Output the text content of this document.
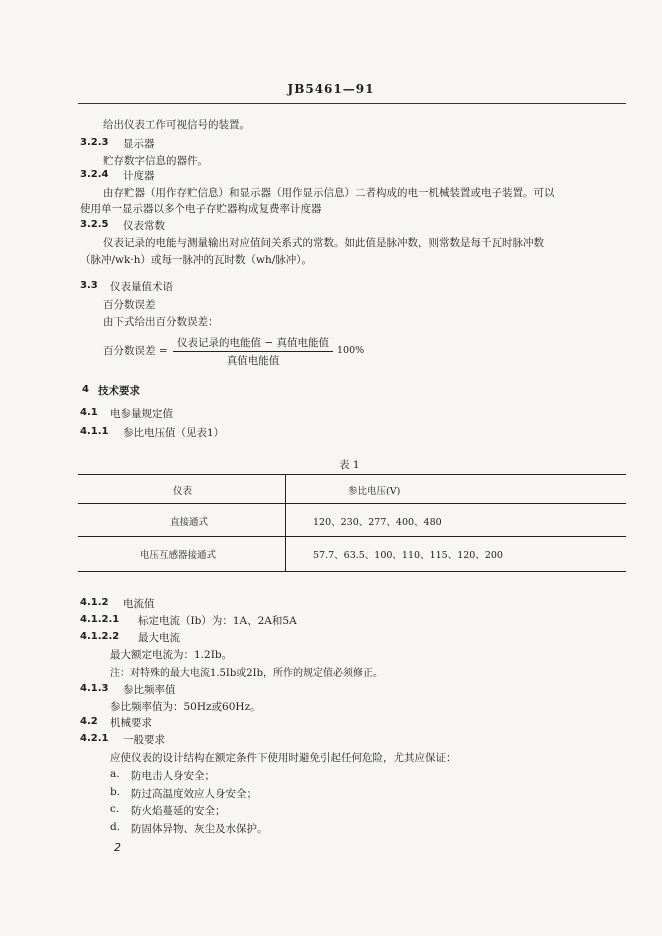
JB5461—91
给出仪表工作可视信号的装置。
3.2.3 显示器
贮存数字信息的器件。
3.2.4 计度器
由存贮器（用作存贮信息）和显示器（用作显示信息）二者构成的电一机械装置或电子装置。可以
使用单一显示器以多个电子存贮器构成复费率计度器
3.2.5 仪表常数
仪表记录的电能与测量输出对应值间关系式的常数。如此值是脉冲数，则常数是每千瓦时脉冲数
（脉冲/wk·h）或每一脉冲的瓦时数（wh/脉冲）。
3.3 仪表量值术语
百分数误差
由下式给出百分数误差：
百分数误差 =
仪表记录的电能值 − 真值电能值
真值电能值
100%
4 技术要求
4.1 电参量规定值
4.1.1 参比电压值（见表1）
表 1
仪表	参比电压(V)
直接通式	120、230、277、400、480
电压互感器接通式	57.7、63.5、100、110、115、120、200
4.1.2 电流值
4.1.2.1 标定电流（Ib）为：1A、2A和5A
4.1.2.2 最大电流
最大额定电流为：1.2Ib。
注：对特殊的最大电流1.5Ib或2Ib，所作的规定值必须修正。
4.1.3 参比频率值
参比频率值为：50Hz或60Hz。
4.2 机械要求
4.2.1 一般要求
应使仪表的设计结构在额定条件下使用时避免引起任何危险，尤其应保证：
a. 防电击人身安全；
b. 防过高温度效应人身安全；
c. 防火焰蔓延的安全；
d. 防固体异物、灰尘及水保护。
2
